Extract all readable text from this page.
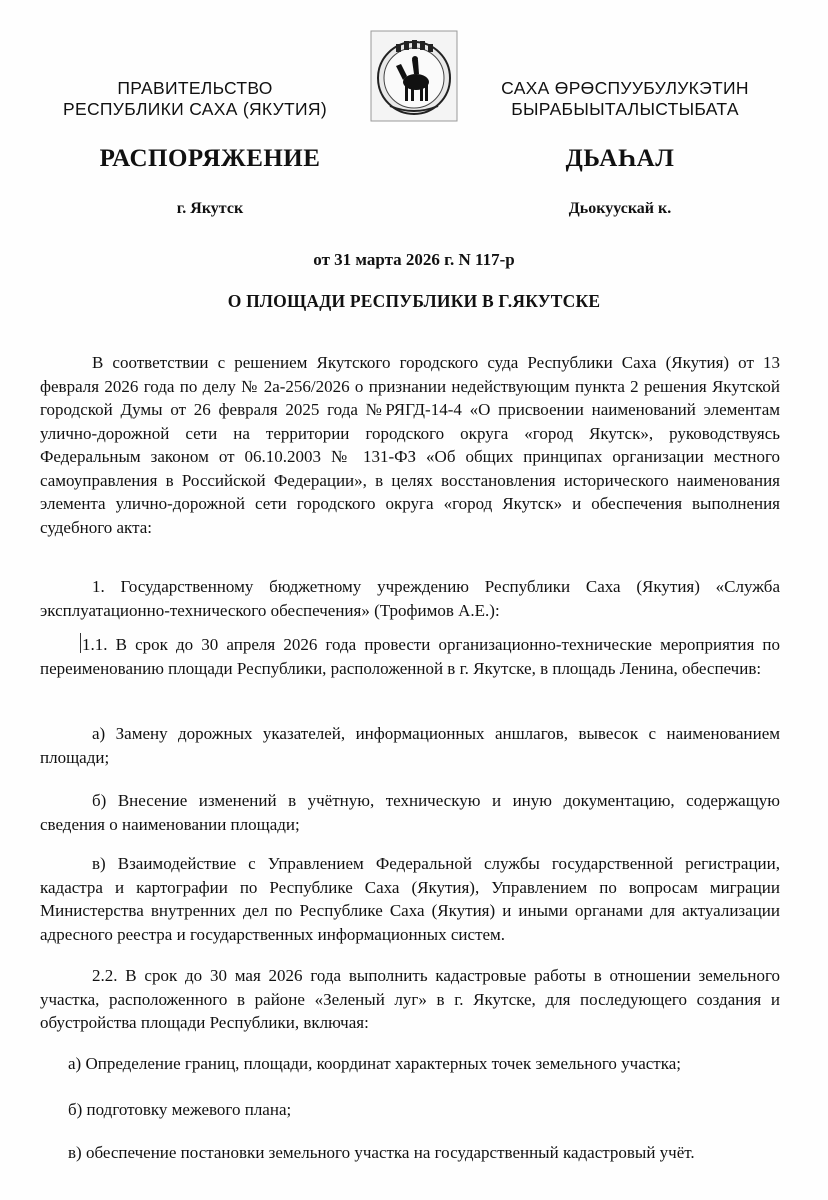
ПРАВИТЕЛЬСТВО
РЕСПУБЛИКИ САХА (ЯКУТИЯ)
САХА ӨРӨСПУУБУЛУКЭТИН
БЫРАБЫЫТАЛЫСТЫБАТА
РАСПОРЯЖЕНИЕ	ДЬАҺАЛ
г. Якутск	Дьокуускай к.
от 31 марта 2026 г. N 117-р
О ПЛОЩАДИ РЕСПУБЛИКИ В Г.ЯКУТСКЕ
В соответствии с решением Якутского городского суда Республики Саха (Якутия) от 13 февраля 2026 года по делу № 2а-256/2026 о признании недействующим пункта 2 решения Якутской городской Думы от 26 февраля 2025 года №РЯГД-14-4 «О присвоении наименований элементам улично-дорожной сети на территории городского округа «город Якутск», руководствуясь Федеральным законом от 06.10.2003 № 131-ФЗ «Об общих принципах организации местного самоуправления в Российской Федерации», в целях восстановления исторического наименования элемента улично-дорожной сети городского округа «город Якутск» и обеспечения выполнения судебного акта:
1. Государственному бюджетному учреждению Республики Саха (Якутия) «Служба эксплуатационно-технического обеспечения» (Трофимов А.Е.):
1.1. В срок до 30 апреля 2026 года провести организационно-технические мероприятия по переименованию площади Республики, расположенной в г. Якутске, в площадь Ленина, обеспечив:
а) Замену дорожных указателей, информационных аншлагов, вывесок с наименованием площади;
б) Внесение изменений в учётную, техническую и иную документацию, содержащую сведения о наименовании площади;
в) Взаимодействие с Управлением Федеральной службы государственной регистрации, кадастра и картографии по Республике Саха (Якутия), Управлением по вопросам миграции Министерства внутренних дел по Республике Саха (Якутия) и иными органами для актуализации адресного реестра и государственных информационных систем.
2.2. В срок до 30 мая 2026 года выполнить кадастровые работы в отношении земельного участка, расположенного в районе «Зеленый луг» в г. Якутске, для последующего создания и обустройства площади Республики, включая:
а) Определение границ, площади, координат характерных точек земельного участка;
б) подготовку межевого плана;
в) обеспечение постановки земельного участка на государственный кадастровый учёт.
